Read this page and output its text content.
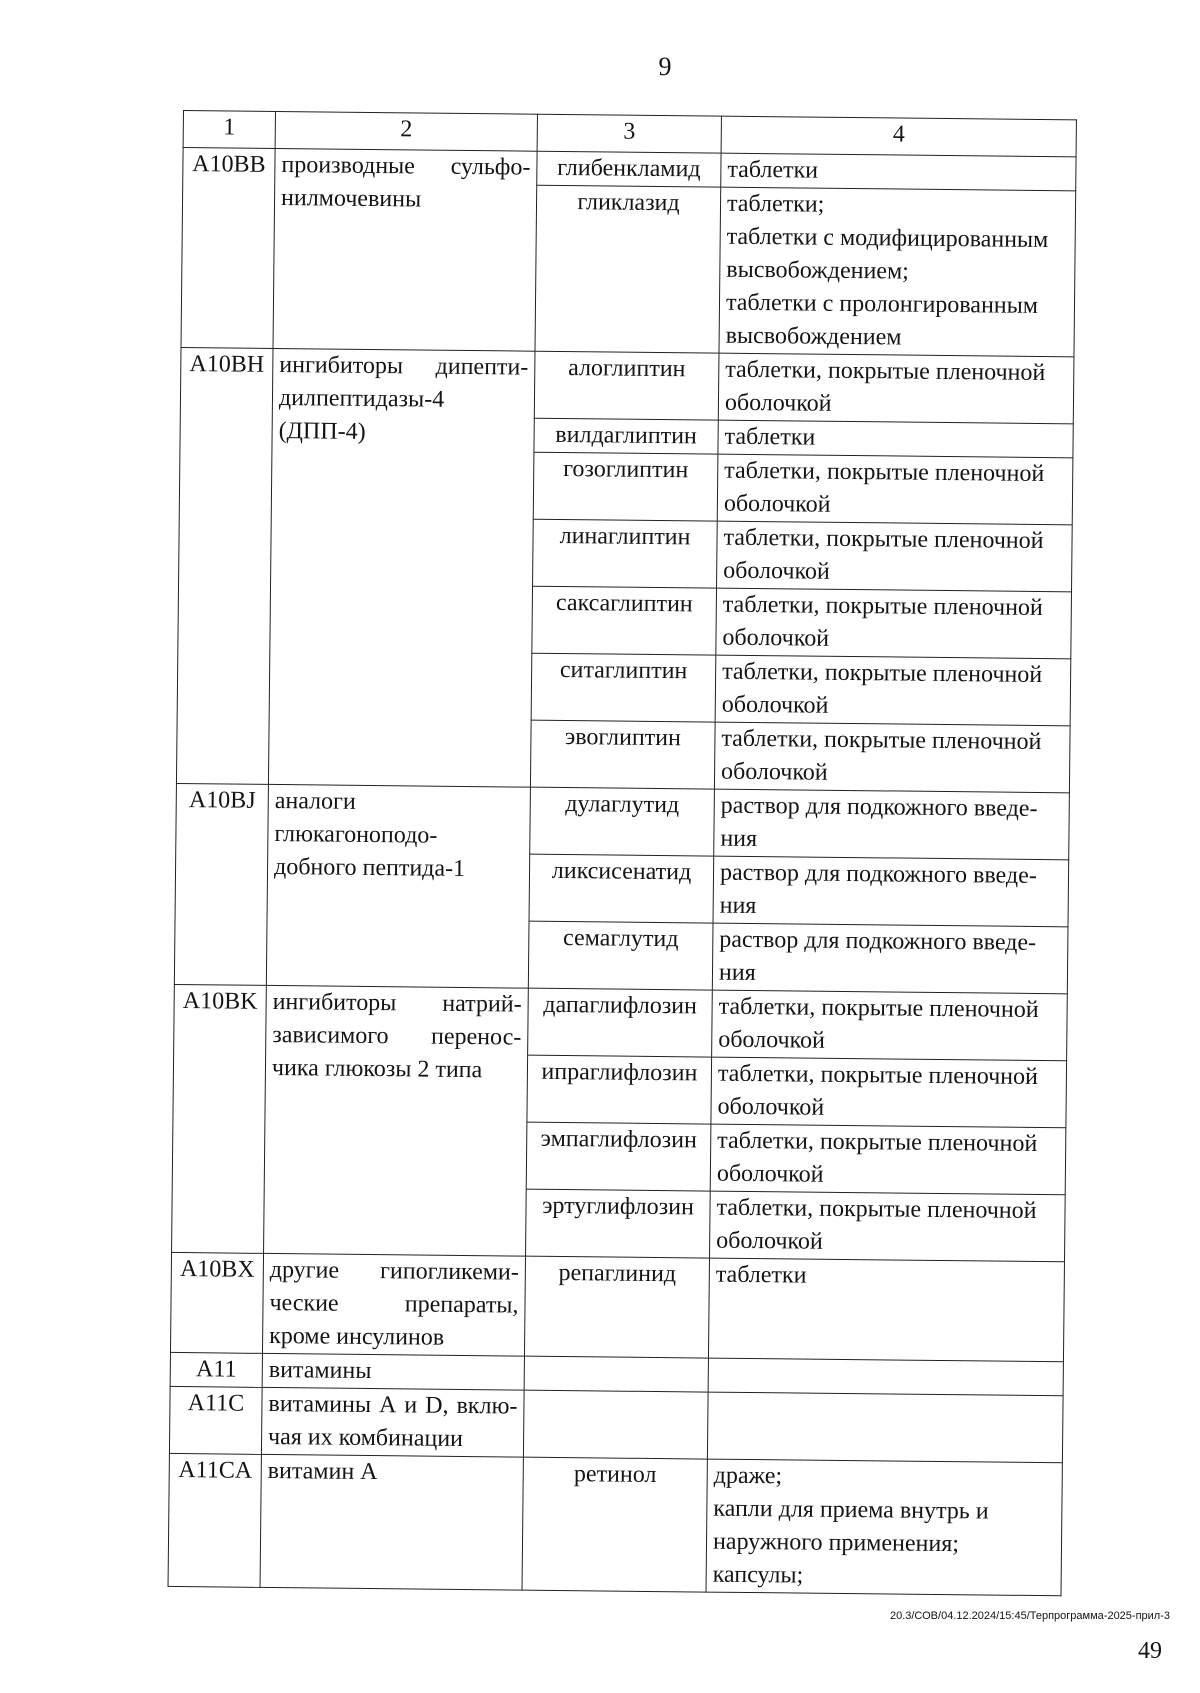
9
1	2	3	4
A10BB	производные сульфо-
нилмочевины	глибенкламид	таблетки

		гликлазид	таблетки;
таблетки с модифицированным
высвобождением;
таблетки с пролонгированным
высвобождением

A10BH	ингибиторы дипепти-
дилпептидазы-4
(ДПП-4)	алоглиптин	таблетки, покрытые пленочной
оболочкой

		вилдаглиптин	таблетки

		гозоглиптин	таблетки, покрытые пленочной
оболочкой

		линаглиптин	таблетки, покрытые пленочной
оболочкой

		саксаглиптин	таблетки, покрытые пленочной
оболочкой

		ситаглиптин	таблетки, покрытые пленочной
оболочкой

		эвоглиптин	таблетки, покрытые пленочной
оболочкой

A10BJ	аналоги глюкагоноподо-
добного пептида-1	дулаглутид	раствор для подкожного введе-
ния

		ликсисенатид	раствор для подкожного введе-
ния

		семаглутид	раствор для подкожного введе-
ния

A10BK	ингибиторы натрий-
зависимого перенос-
чика глюкозы 2 типа	дапаглифлозин	таблетки, покрытые пленочной
оболочкой

		ипраглифлозин	таблетки, покрытые пленочной
оболочкой

		эмпаглифлозин	таблетки, покрытые пленочной
оболочкой

		эртуглифлозин	таблетки, покрытые пленочной
оболочкой

A10BX	другие гипогликеми-
ческие препараты,
кроме инсулинов	репаглинид	таблетки

A11	витамины		

A11C	витамины А и D, вклю-
чая их комбинации		

A11CA	витамин А	ретинол	драже;
капли для приема внутрь и
наружного применения;
капсулы;
20.3/СОВ/04.12.2024/15:45/Терпрограмма-2025-прил-3
49
